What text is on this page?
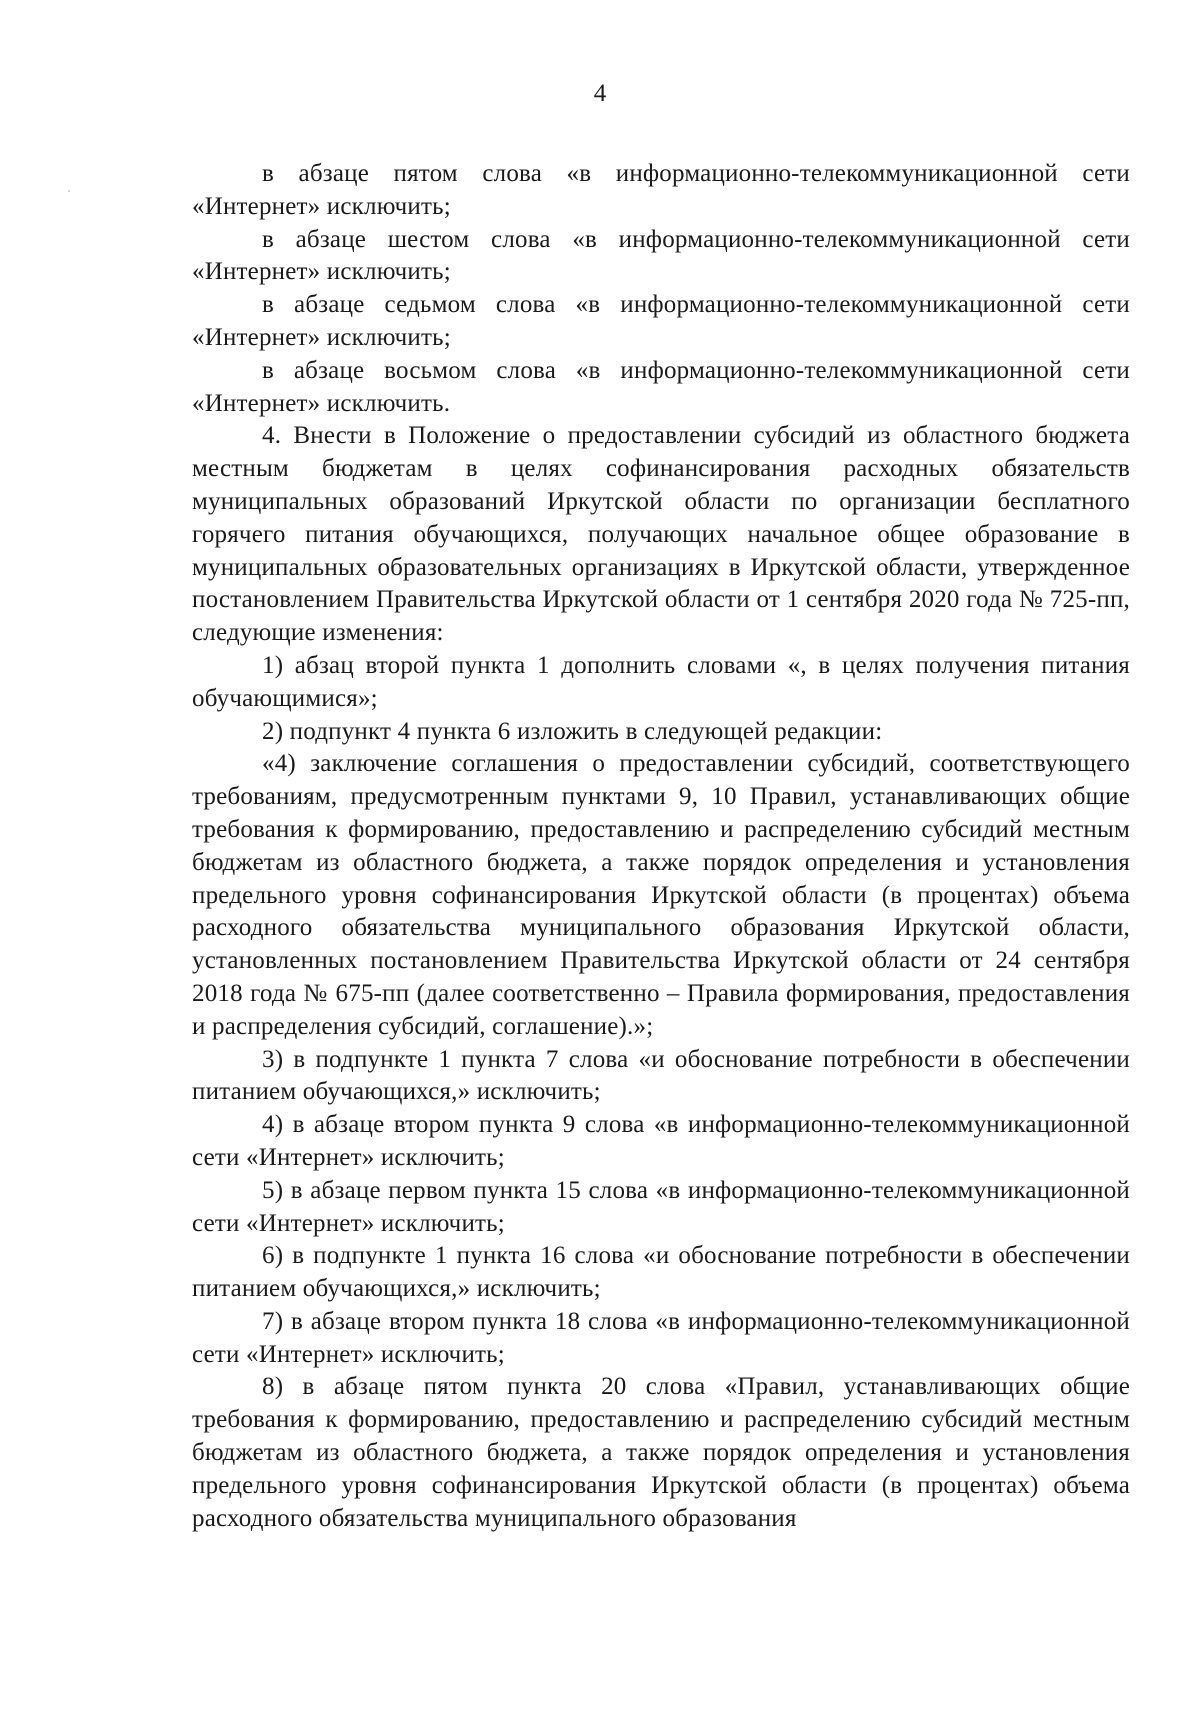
4

в абзаце пятом слова «в информационно-телекоммуникационной сети «Интернет» исключить;

в абзаце шестом слова «в информационно-телекоммуникационной сети «Интернет» исключить;

в абзаце седьмом слова «в информационно-телекоммуникационной сети «Интернет» исключить;

в абзаце восьмом слова «в информационно-телекоммуникационной сети «Интернет» исключить.

4. Внести в Положение о предоставлении субсидий из областного бюджета местным бюджетам в целях софинансирования расходных обязательств муниципальных образований Иркутской области по организации бесплатного горячего питания обучающихся, получающих начальное общее образование в муниципальных образовательных организациях в Иркутской области, утвержденное постановлением Правительства Иркутской области от 1 сентября 2020 года № 725-пп, следующие изменения:

1) абзац второй пункта 1 дополнить словами «, в целях получения питания обучающимися»;

2) подпункт 4 пункта 6 изложить в следующей редакции:

«4) заключение соглашения о предоставлении субсидий, соответствующего требованиям, предусмотренным пунктами 9, 10 Правил, устанавливающих общие требования к формированию, предоставлению и распределению субсидий местным бюджетам из областного бюджета, а также порядок определения и установления предельного уровня софинансирования Иркутской области (в процентах) объема расходного обязательства муниципального образования Иркутской области, установленных постановлением Правительства Иркутской области от 24 сентября 2018 года № 675-пп (далее соответственно – Правила формирования, предоставления и распределения субсидий, соглашение).»;

3) в подпункте 1 пункта 7 слова «и обоснование потребности в обеспечении питанием обучающихся,» исключить;

4) в абзаце втором пункта 9 слова «в информационно-телекоммуникационной сети «Интернет» исключить;

5) в абзаце первом пункта 15 слова «в информационно-телекоммуникационной сети «Интернет» исключить;

6) в подпункте 1 пункта 16 слова «и обоснование потребности в обеспечении питанием обучающихся,» исключить;

7) в абзаце втором пункта 18 слова «в информационно-телекоммуникационной сети «Интернет» исключить;

8) в абзаце пятом пункта 20 слова «Правил, устанавливающих общие требования к формированию, предоставлению и распределению субсидий местным бюджетам из областного бюджета, а также порядок определения и установления предельного уровня софинансирования Иркутской области (в процентах) объема расходного обязательства муниципального образования
